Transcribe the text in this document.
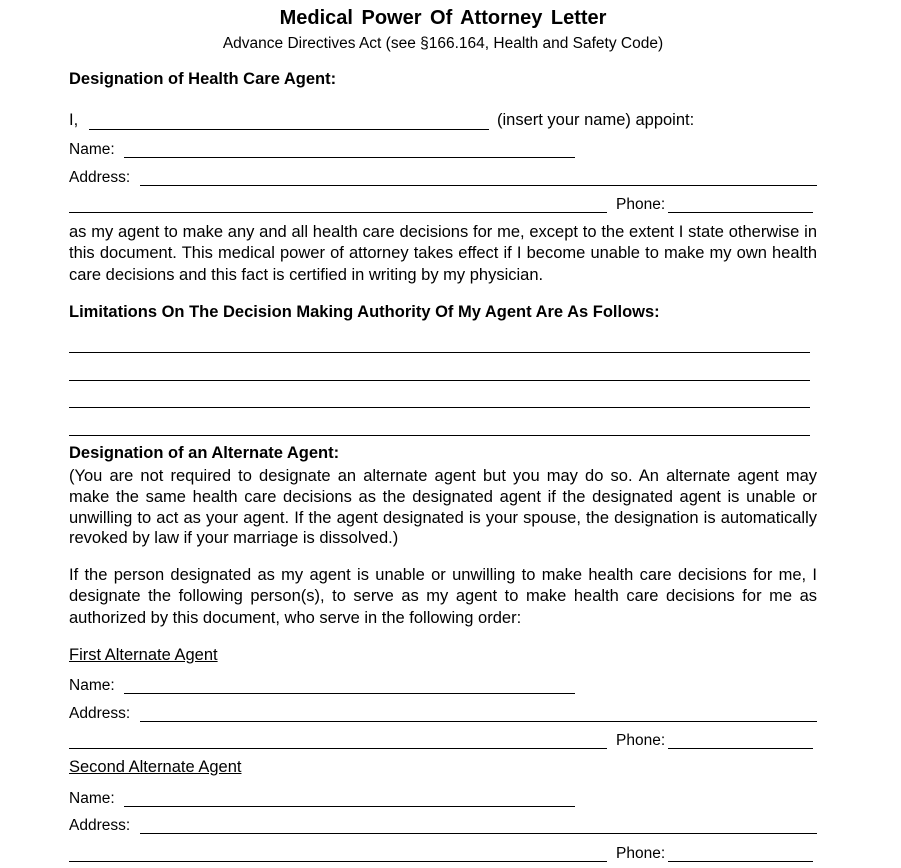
Medical Power Of Attorney Letter
Advance Directives Act (see §166.164, Health and Safety Code)
Designation of Health Care Agent:
I,	(insert your name) appoint:
Name:
Address:
Phone:
as my agent to make any and all health care decisions for me, except to the extent I state otherwise in this document. This medical power of attorney takes effect if I become unable to make my own health care decisions and this fact is certified in writing by my physician.
Limitations On The Decision Making Authority Of My Agent Are As Follows:
Designation of an Alternate Agent:
(You are not required to designate an alternate agent but you may do so. An alternate agent may make the same health care decisions as the designated agent if the designated agent is unable or unwilling to act as your agent. If the agent designated is your spouse, the designation is automatically revoked by law if your marriage is dissolved.)
If the person designated as my agent is unable or unwilling to make health care decisions for me, I designate the following person(s), to serve as my agent to make health care decisions for me as authorized by this document, who serve in the following order:
First Alternate Agent
Name:
Address:
Phone:
Second Alternate Agent
Name:
Address:
Phone:
